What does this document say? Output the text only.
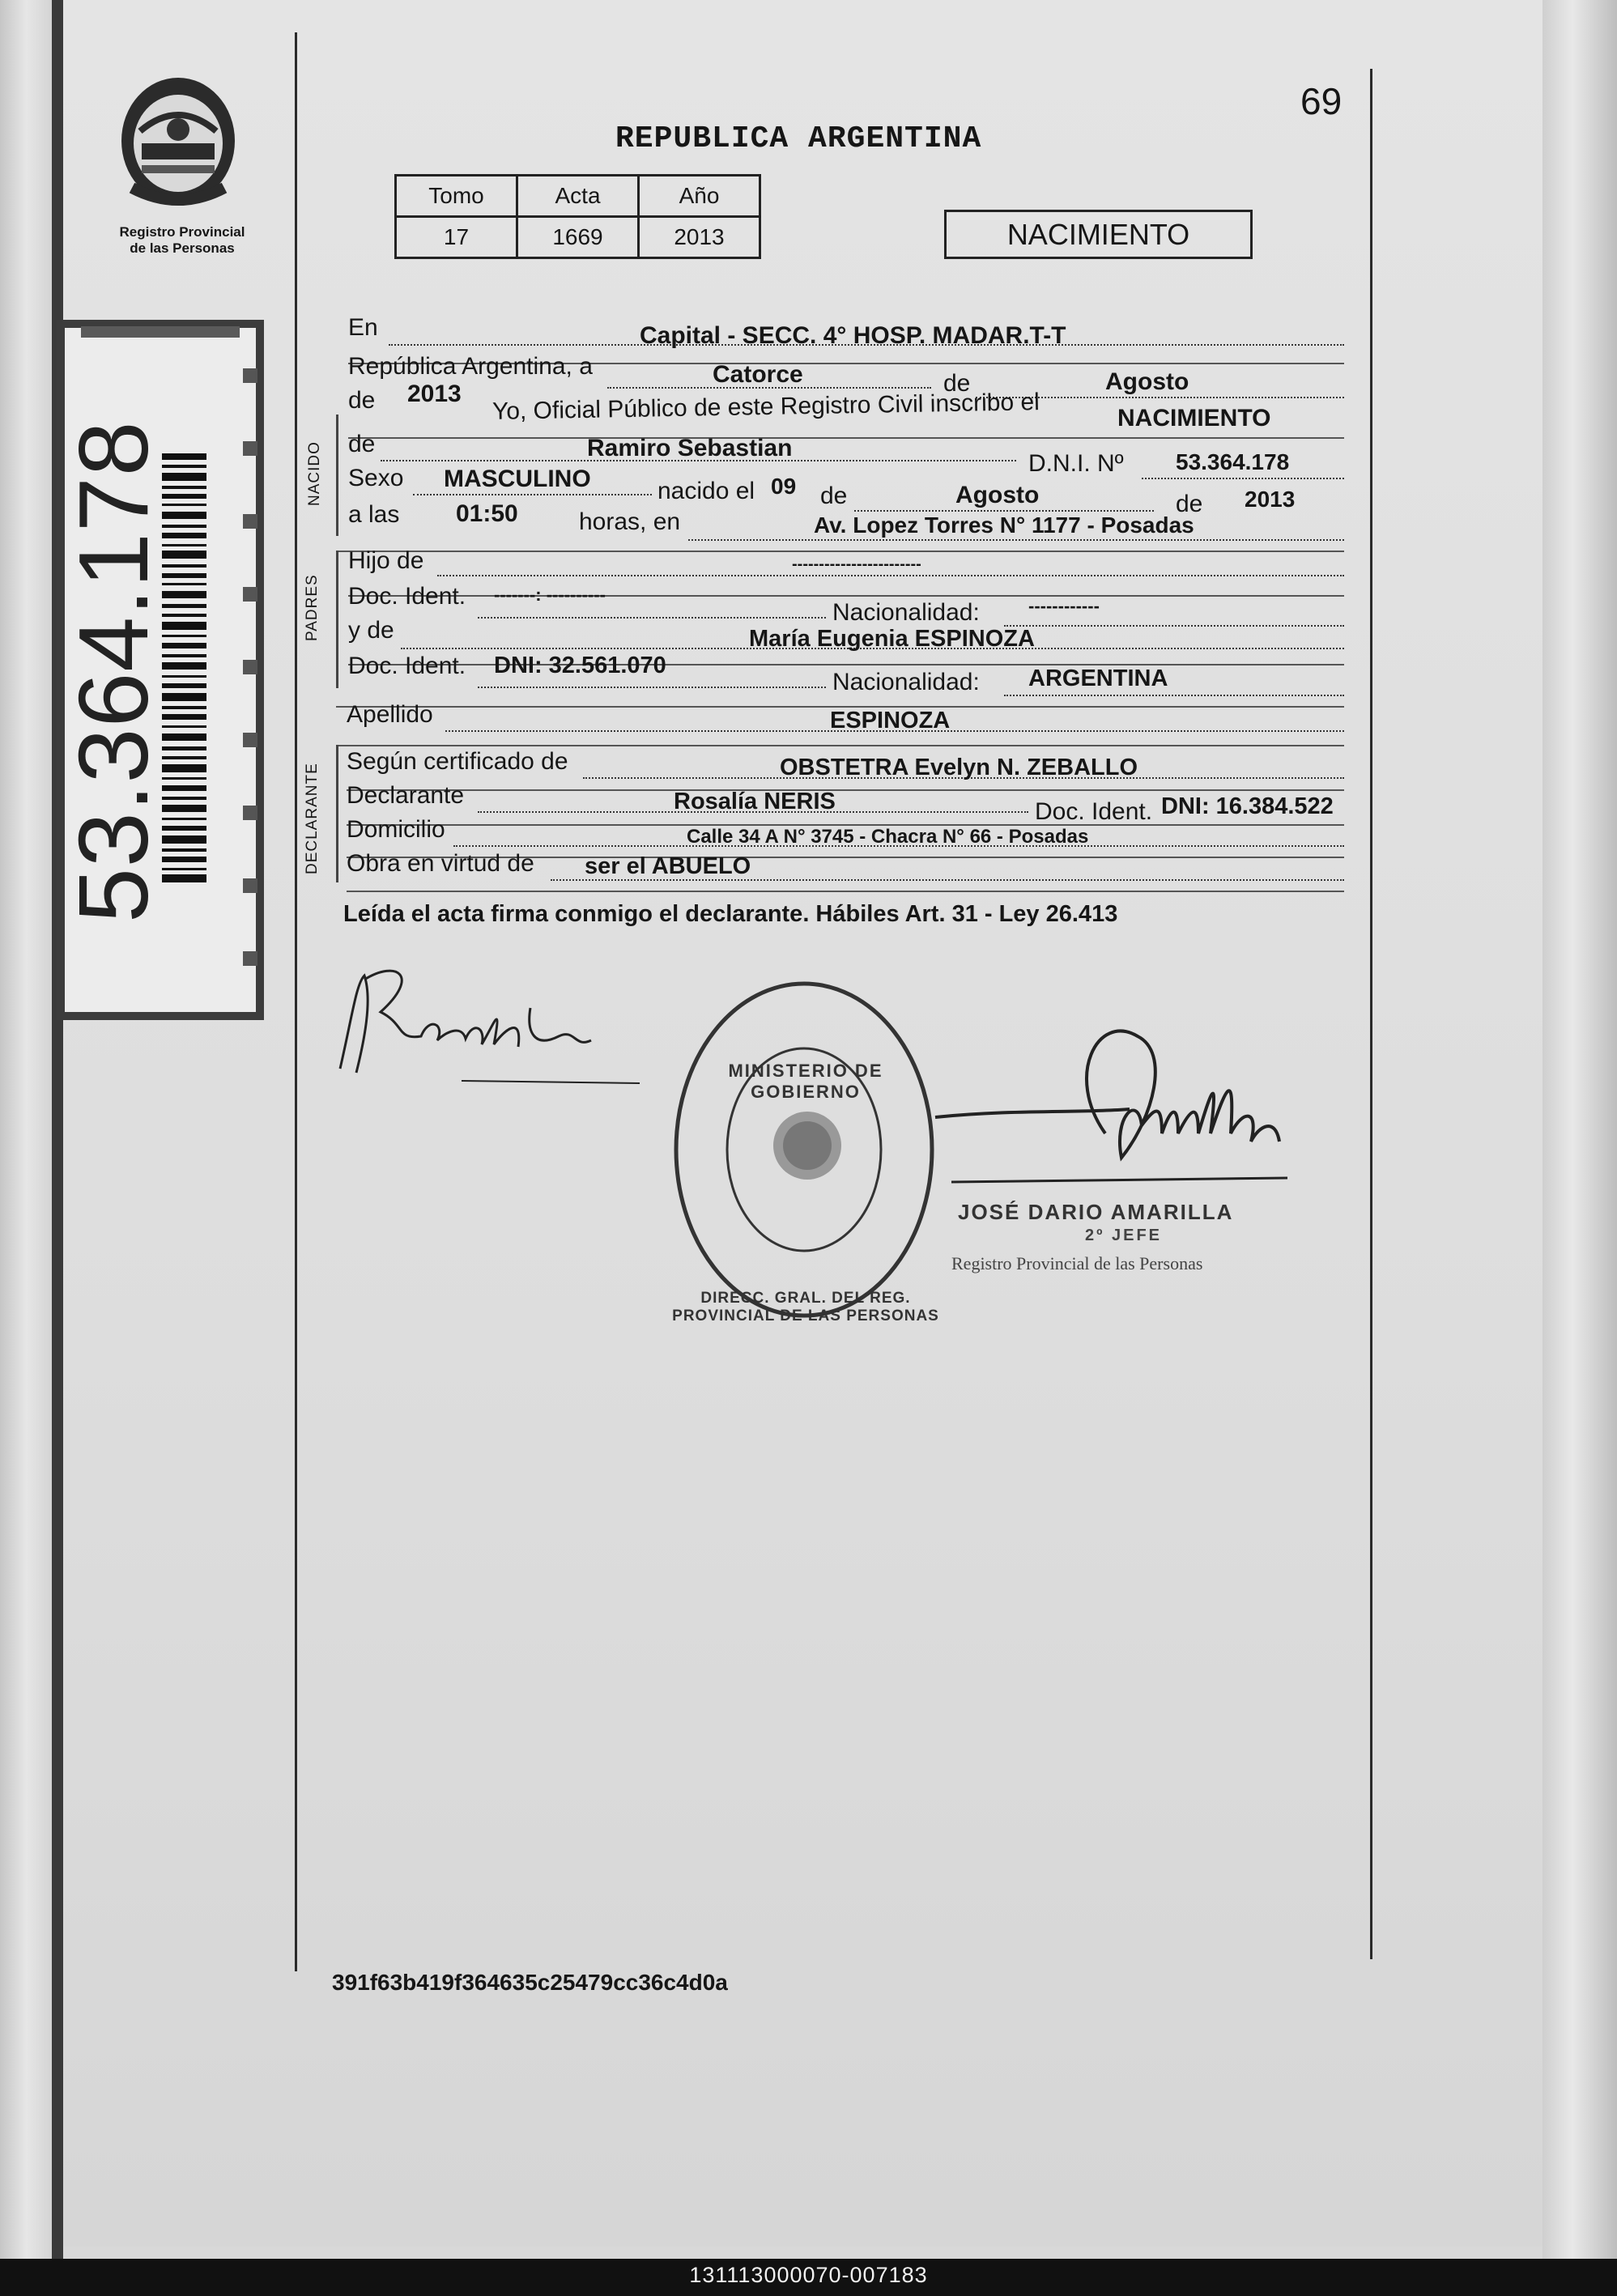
Registro Provincial
de las Personas
53.364.178
69
REPUBLICA ARGENTINA
Tomo	Acta	Año
17	1669	2013	NACIMIENTO
En	Capital - SECC. 4° HOSP. MADAR.T-T
República Argentina, a	Catorce	de	Agosto
de 2013 Yo, Oficial Público de este Registro Civil inscribo el	NACIMIENTO
NACIDO de	Ramiro Sebastian
D.N.I. Nº 53.364.178
Sexo MASCULINO	nacido el 09 de	Agosto	de 2013
a las 01:50	horas, en	Av. Lopez Torres N° 1177 - Posadas
PADRES
Hijo de	------------------------
Doc. Ident. -------: ----------
Nacionalidad:	------------
y de	María Eugenia ESPINOZA
Doc. Ident. DNI: 32.561.070
Nacionalidad: ARGENTINA
Apellido	ESPINOZA
DECLARANTE
Según certificado de	OBSTETRA Evelyn N. ZEBALLO
Declarante	Rosalía NERIS	Doc. Ident. DNI: 16.384.522
Domicilio	Calle 34 A N° 3745 - Chacra N° 66 - Posadas
Obra en virtud de ser el ABUELO
Leída el acta firma conmigo el declarante. Hábiles Art. 31 - Ley 26.413
MINISTERIO DE GOBIERNO
DIRECC. GRAL. DEL REG. PROVINCIAL DE LAS PERSONAS
JOSÉ DARIO AMARILLA
2º JEFE
Registro Provincial de las Personas
391f63b419f364635c25479cc36c4d0a
131113000070-007183
